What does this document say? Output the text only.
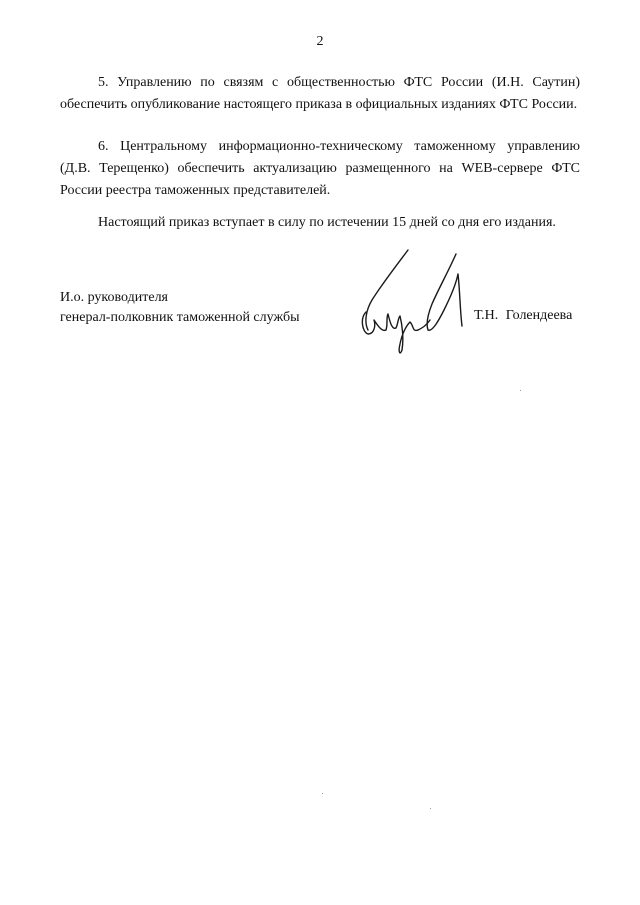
2

5. Управлению по связям с общественностью ФТС России (И.Н. Саутин) обеспечить опубликование настоящего приказа в официальных изданиях ФТС России.

6. Центральному информационно-техническому таможенному управлению (Д.В. Терещенко) обеспечить актуализацию размещенного на WEB-сервере ФТС России реестра таможенных представителей.

Настоящий приказ вступает в силу по истечении 15 дней со дня его издания.

И.о. руководителя
генерал-полковник таможенной службы	Т.Н. Голендеева
